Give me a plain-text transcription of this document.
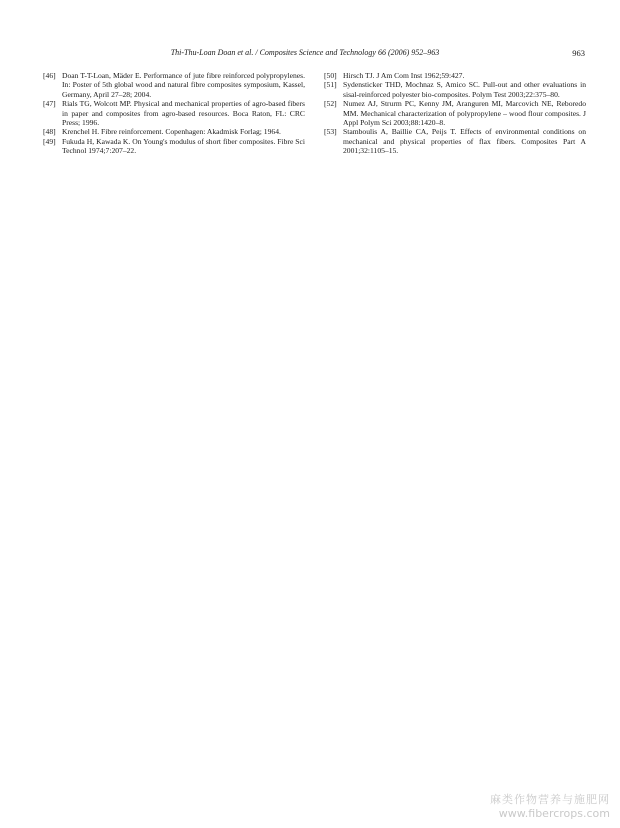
Thi-Thu-Loan Doan et al. / Composites Science and Technology 66 (2006) 952–963	963
[46] Doan T-T-Loan, Mäder E. Performance of jute fibre reinforced polypropylenes. In: Poster of 5th global wood and natural fibre composites symposium, Kassel, Germany, April 27–28; 2004.
[47] Rials TG, Wolcott MP. Physical and mechanical properties of agro-based fibers in paper and composites from agro-based resources. Boca Raton, FL: CRC Press; 1996.
[48] Krenchel H. Fibre reinforcement. Copenhagen: Akadmisk Forlag; 1964.
[49] Fukuda H, Kawada K. On Young's modulus of short fiber composites. Fibre Sci Technol 1974;7:207–22.
[50] Hirsch TJ. J Am Com Inst 1962;59:427.
[51] Sydensticker THD, Mochnaz S, Amico SC. Pull-out and other evaluations in sisal-reinforced polyester bio-composites. Polym Test 2003;22:375–80.
[52] Numez AJ, Strurm PC, Kenny JM, Aranguren MI, Marcovich NE, Reboredo MM. Mechanical characterization of polypropylene – wood flour composites. J Appl Polym Sci 2003;88:1420–8.
[53] Stamboulis A, Baillie CA, Peijs T. Effects of environmental conditions on mechanical and physical properties of flax fibers. Composites Part A 2001;32:1105–15.
麻类作物营养与施肥网
www.fibercrops.com
